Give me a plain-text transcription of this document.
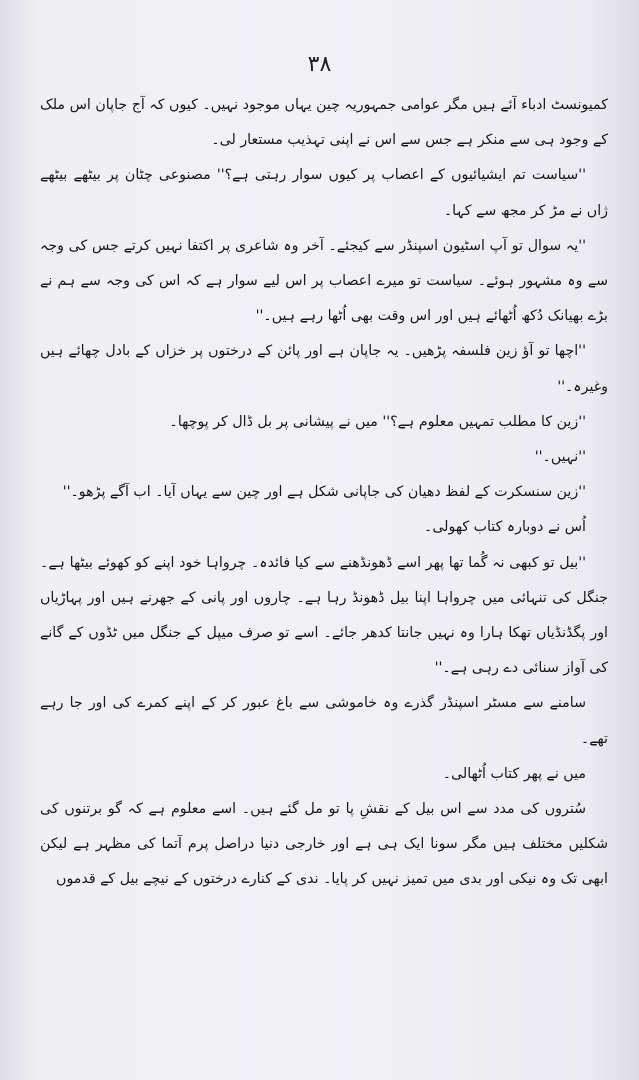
۳۸

کمیونسٹ ادباء آئے ہیں مگر عوامی جمہوریہ چین یہاں موجود نہیں۔ کیوں کہ آج جاپان اس ملک کے وجود ہی سے منکر ہے جس سے اس نے اپنی تہذیب مستعار لی۔

''سیاست تم ایشیائیوں کے اعصاب پر کیوں سوار رہتی ہے؟'' مصنوعی چٹان پر بیٹھے بیٹھے ژاں نے مڑ کر مجھ سے کہا۔

''یہ سوال تو آپ اسٹیون اسپنڈر سے کیجئے۔ آخر وہ شاعری پر اکتفا نہیں کرتے جس کی وجہ سے وہ مشہور ہوئے۔ سیاست تو میرے اعصاب پر اس لیے سوار ہے کہ اس کی وجہ سے ہم نے بڑے بھیانک دُکھ اُٹھائے ہیں اور اس وقت بھی اُٹھا رہے ہیں۔''

''اچھا تو آؤ زین فلسفہ پڑھیں۔ یہ جاپان ہے اور پائن کے درختوں پر خزاں کے بادل چھائے ہیں وغیرہ۔''

''زین کا مطلب تمہیں معلوم ہے؟'' میں نے پیشانی پر بل ڈال کر پوچھا۔

''نہیں۔''

''زین سنسکرت کے لفظ دھیان کی جاپانی شکل ہے اور چین سے یہاں آیا۔ اب آگے پڑھو۔''

اُس نے دوبارہ کتاب کھولی۔

''بیل تو کبھی نہ گُما تھا پھر اسے ڈھونڈھنے سے کیا فائدہ۔ چرواہا خود اپنے کو کھوئے بیٹھا ہے۔ جنگل کی تنہائی میں چرواہا اپنا بیل ڈھونڈ رہا ہے۔ چاروں اور پانی کے جھرنے ہیں اور پہاڑیاں اور پگڈنڈیاں تھکا ہارا وہ نہیں جانتا کدھر جائے۔ اسے تو صرف میپل کے جنگل میں ٹڈوں کے گانے کی آواز سنائی دے رہی ہے۔''

سامنے سے مسٹر اسپنڈر گذرے وہ خاموشی سے باغ عبور کر کے اپنے کمرے کی اور جا رہے تھے۔

میں نے پھر کتاب اُٹھالی۔

سُتروں کی مدد سے اس بیل کے نقشِ پا تو مل گئے ہیں۔ اسے معلوم ہے کہ گو برتنوں کی شکلیں مختلف ہیں مگر سونا ایک ہی ہے اور خارجی دنیا دراصل پرم آتما کی مظہر ہے لیکن ابھی تک وہ نیکی اور بدی میں تمیز نہیں کر پایا۔ ندی کے کنارے درختوں کے نیچے بیل کے قدموں
